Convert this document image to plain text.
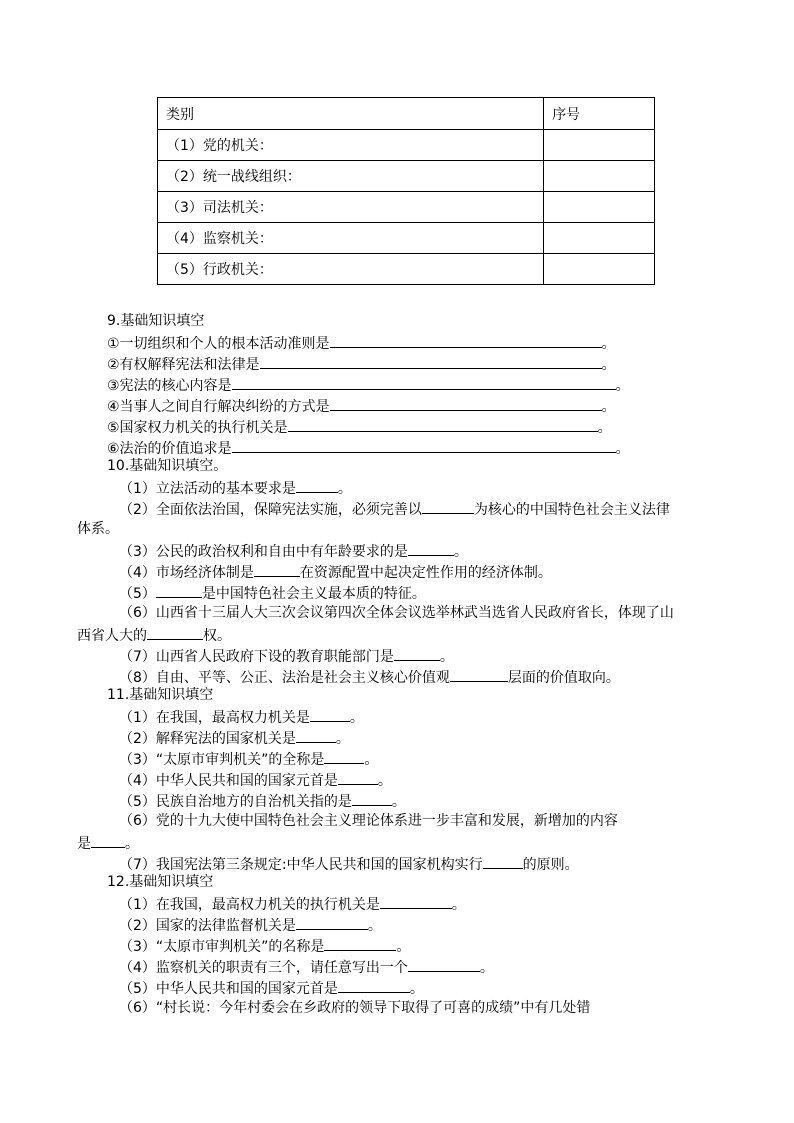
类别	序号
（1）党的机关：	
（2）统一战线组织：	
（3）司法机关：	
（4）监察机关：	
（5）行政机关：	
9.基础知识填空
①一切组织和个人的根本活动准则是	。
②有权解释宪法和法律是	。
③宪法的核心内容是	。
④当事人之间自行解决纠纷的方式是	。
⑤国家权力机关的执行机关是	。
⑥法治的价值追求是	。
10.基础知识填空。
（1）立法活动的基本要求是	。
（2）全面依法治国，保障宪法实施，必须完善以	为核心的中国特色社会主义法律
体系。
（3）公民的政治权利和自由中有年龄要求的是	。
（4）市场经济体制是	在资源配置中起决定性作用的经济体制。
（5）	是中国特色社会主义最本质的特征。
（6）山西省十三届人大三次会议第四次全体会议选举林武当选省人民政府省长，体现了山
西省人大的	权。
（7）山西省人民政府下设的教育职能部门是	。
（8）自由、平等、公正、法治是社会主义核心价值观	层面的价值取向。
11.基础知识填空
（1）在我国，最高权力机关是	。
（2）解释宪法的国家机关是	。
（3）“太原市审判机关”的全称是	。
（4）中华人民共和国的国家元首是	。
（5）民族自治地方的自治机关指的是	。
（6）党的十九大使中国特色社会主义理论体系进一步丰富和发展，新增加的内容
是 。
（7）我国宪法第三条规定:中华人民共和国的国家机构实行	的原则。
12.基础知识填空
（1）在我国，最高权力机关的执行机关是	。
（2）国家的法律监督机关是	。
（3）“太原市审判机关”的名称是	。
（4）监察机关的职责有三个，请任意写出一个	。
（5）中华人民共和国的国家元首是	。
（6）“村长说：今年村委会在乡政府的领导下取得了可喜的成绩”中有几处错
